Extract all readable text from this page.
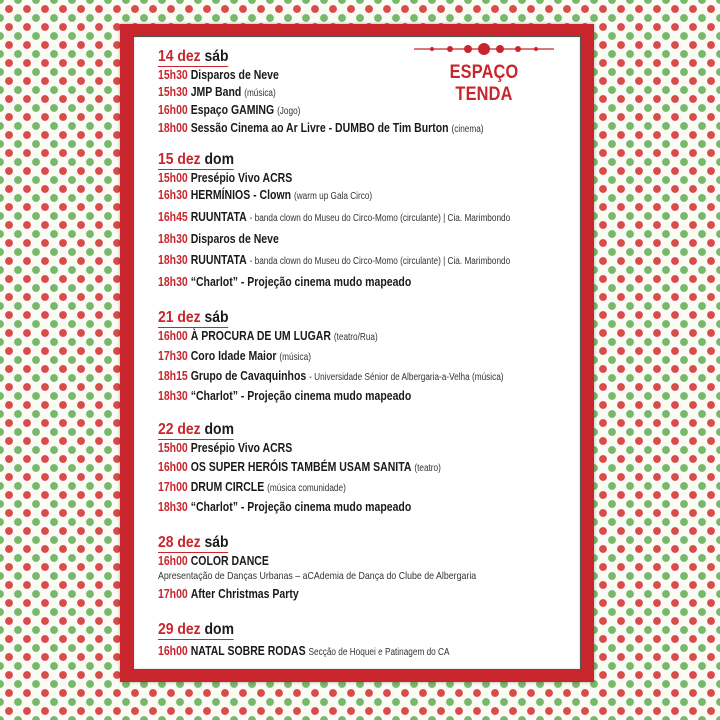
ESPAÇO TENDA
14 dez sáb
15h30 Disparos de Neve
15h30 JMP Band (música)
16h00 Espaço GAMING (Jogo)
18h00 Sessão Cinema ao Ar Livre - DUMBO de Tim Burton (cinema)
15 dez dom
15h00 Presépio Vivo ACRS
16h30 HERMÍNIOS - Clown (warm up Gala Circo)
16h45 RUUNTATA - banda clown do Museu do Circo-Momo (circulante) | Cia. Marimbondo
18h30 Disparos de Neve
18h30 RUUNTATA - banda clown do Museu do Circo-Momo (circulante) | Cia. Marimbondo
18h30 “Charlot” - Projeção cinema mudo mapeado
21 dez sáb
16h00 À PROCURA DE UM LUGAR (teatro/Rua)
17h30 Coro Idade Maior (música)
18h15 Grupo de Cavaquinhos - Universidade Sénior de Albergaria-a-Velha (música)
18h30 “Charlot” - Projeção cinema mudo mapeado
22 dez dom
15h00 Presépio Vivo ACRS
16h00 OS SUPER HERÓIS TAMBÉM USAM SANITA (teatro)
17h00 DRUM CIRCLE (música comunidade)
18h30 “Charlot” - Projeção cinema mudo mapeado
28 dez sáb
16h00 COLOR DANCE
Apresentação de Danças Urbanas – aCAdemia de Dança do Clube de Albergaria
17h00 After Christmas Party
29 dez dom
16h00 NATAL SOBRE RODAS Secção de Hoquei e Patinagem do CA
